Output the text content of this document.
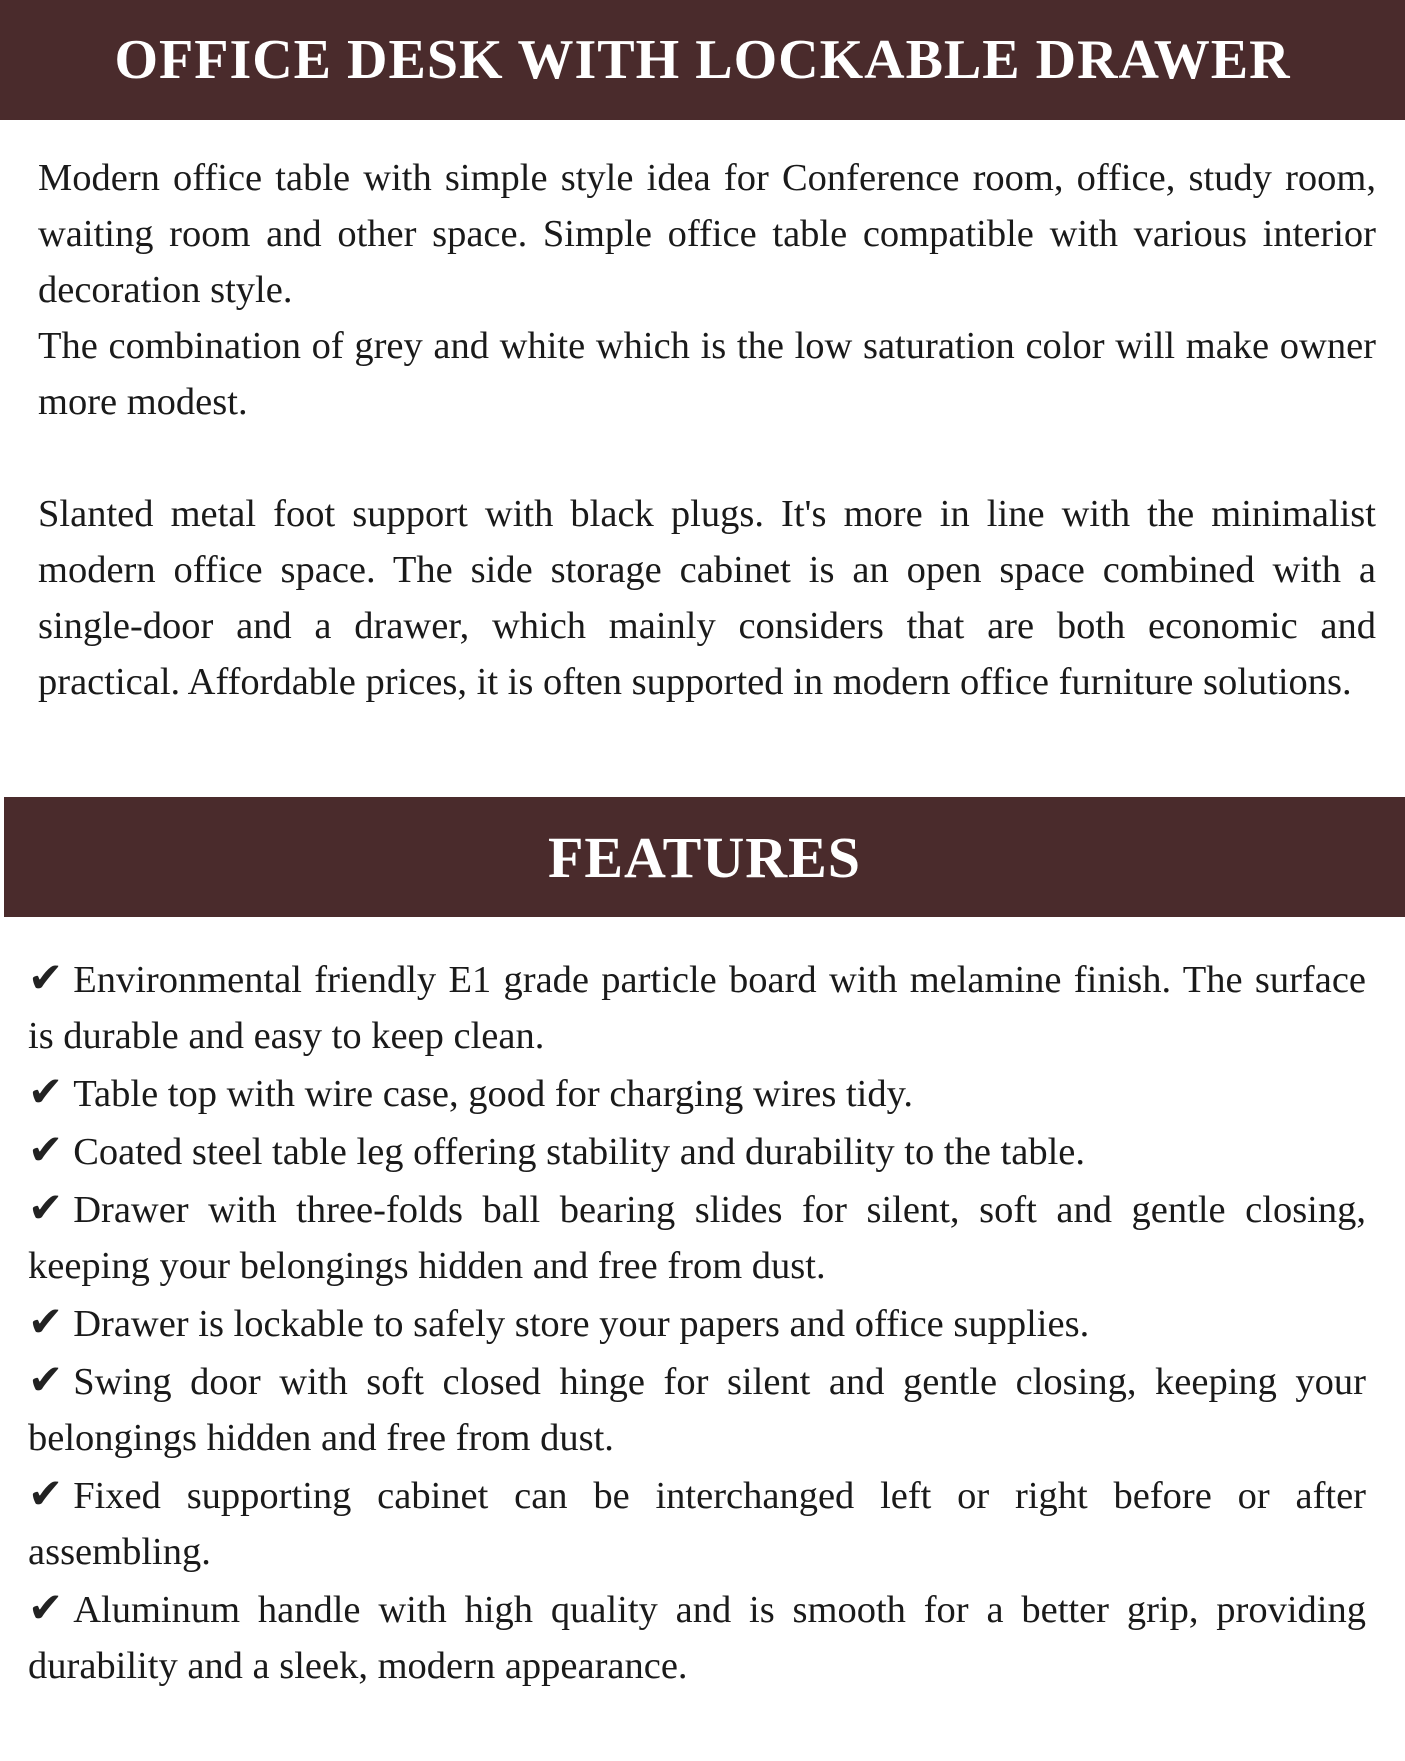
OFFICE DESK WITH LOCKABLE DRAWER

Modern office table with simple style idea for Conference room, office, study room, waiting room and other space. Simple office table compatible with various interior decoration style.

The combination of grey and white which is the low saturation color will make owner more modest.

Slanted metal foot support with black plugs. It's more in line with the minimalist modern office space. The side storage cabinet is an open space combined with a single-door and a drawer, which mainly considers that are both economic and practical. Affordable prices, it is often supported in modern office furniture solutions.

FEATURES
✔ Environmental friendly E1 grade particle board with melamine finish. The surface is durable and easy to keep clean.
✔ Table top with wire case, good for charging wires tidy.
✔ Coated steel table leg offering stability and durability to the table.
✔ Drawer with three-folds ball bearing slides for silent, soft and gentle closing, keeping your belongings hidden and free from dust.
✔ Drawer is lockable to safely store your papers and office supplies.
✔ Swing door with soft closed hinge for silent and gentle closing, keeping your belongings hidden and free from dust.
✔ Fixed supporting cabinet can be interchanged left or right before or after assembling.
✔ Aluminum handle with high quality and is smooth for a better grip, providing durability and a sleek, modern appearance.
